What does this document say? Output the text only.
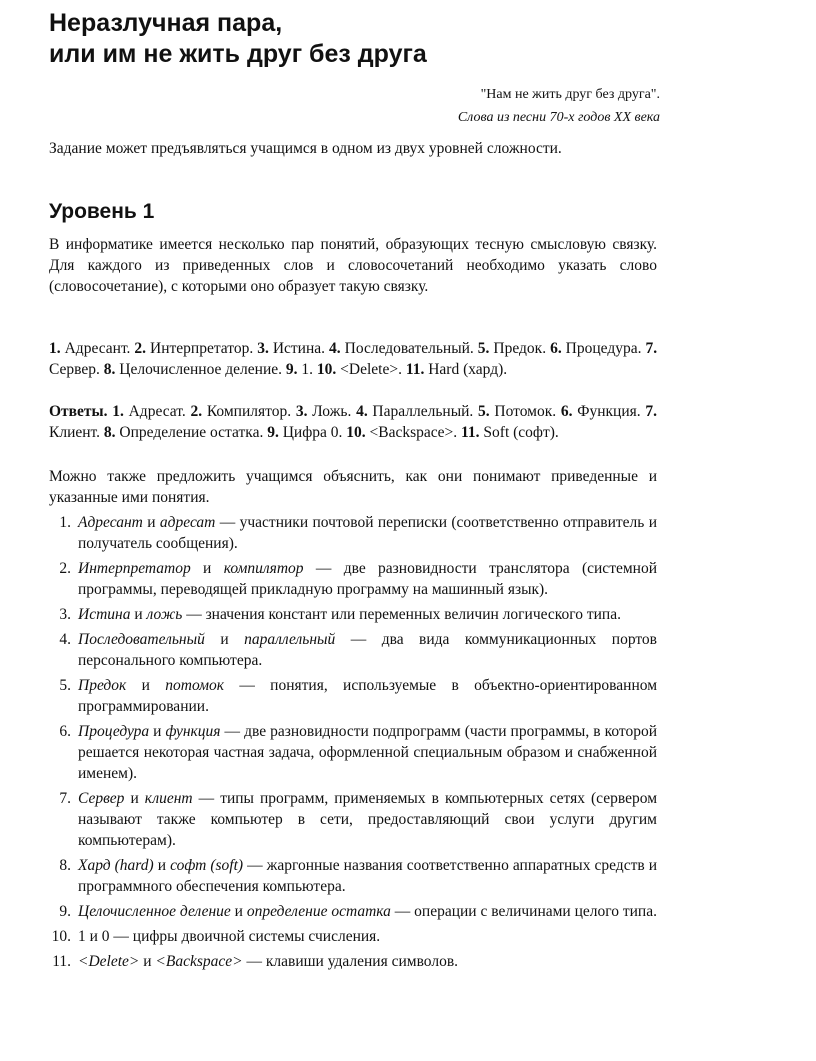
Неразлучная пара,
или им не жить друг без друга

"Нам не жить друг без друга".

Слова из песни 70-х годов XX века

Задание может предъявляться учащимся в одном из двух уровней сложности.

Уровень 1

В информатике имеется несколько пар понятий, образующих тесную смысловую связку. Для каждого из приведенных слов и словосочетаний необходимо указать слово (словосочетание), с которыми оно образует такую связку.

1. Адресант. 2. Интерпретатор. 3. Истина. 4. Последовательный. 5. Предок. 6. Процедура. 7. Сервер. 8. Целочисленное деление. 9. 1. 10. <Delete>. 11. Hard (хард).

Ответы. 1. Адресат. 2. Компилятор. 3. Ложь. 4. Параллельный. 5. Потомок. 6. Функция. 7. Клиент. 8. Определение остатка. 9. Цифра 0. 10. <Backspace>. 11. Soft (софт).

Можно также предложить учащимся объяснить, как они понимают приведенные и указанные ими понятия.

1 . Адресант и адресат — участники почтовой переписки (соответственно отправитель и получатель сообщения).
2 . Интерпретатор и компилятор — две разновидности транслятора (системной программы, переводящей прикладную программу на машинный язык).
3 . Истина и ложь — значения констант или переменных величин логического типа.
4 . Последовательный и параллельный — два вида коммуникационных портов персонального компьютера.
5 . Предок и потомок — понятия, используемые в объектно-ориентированном программировании.
6 . Процедура и функция — две разновидности подпрограмм (части программы, в которой решается некоторая частная задача, оформленной специальным образом и снабженной именем).
7 . Сервер и клиент — типы программ, применяемых в компьютерных сетях (сервером называют также компьютер в сети, предоставляющий свои услуги другим компьютерам).
8 . Хард (hard) и софт (soft) — жаргонные названия соответственно аппаратных средств и программного обеспечения компьютера.
9 . Целочисленное деление и определение остатка — операции с величинами целого типа.
10 . 1 и 0 — цифры двоичной системы счисления.
11 . <Delete> и <Backspace> — клавиши удаления символов.
